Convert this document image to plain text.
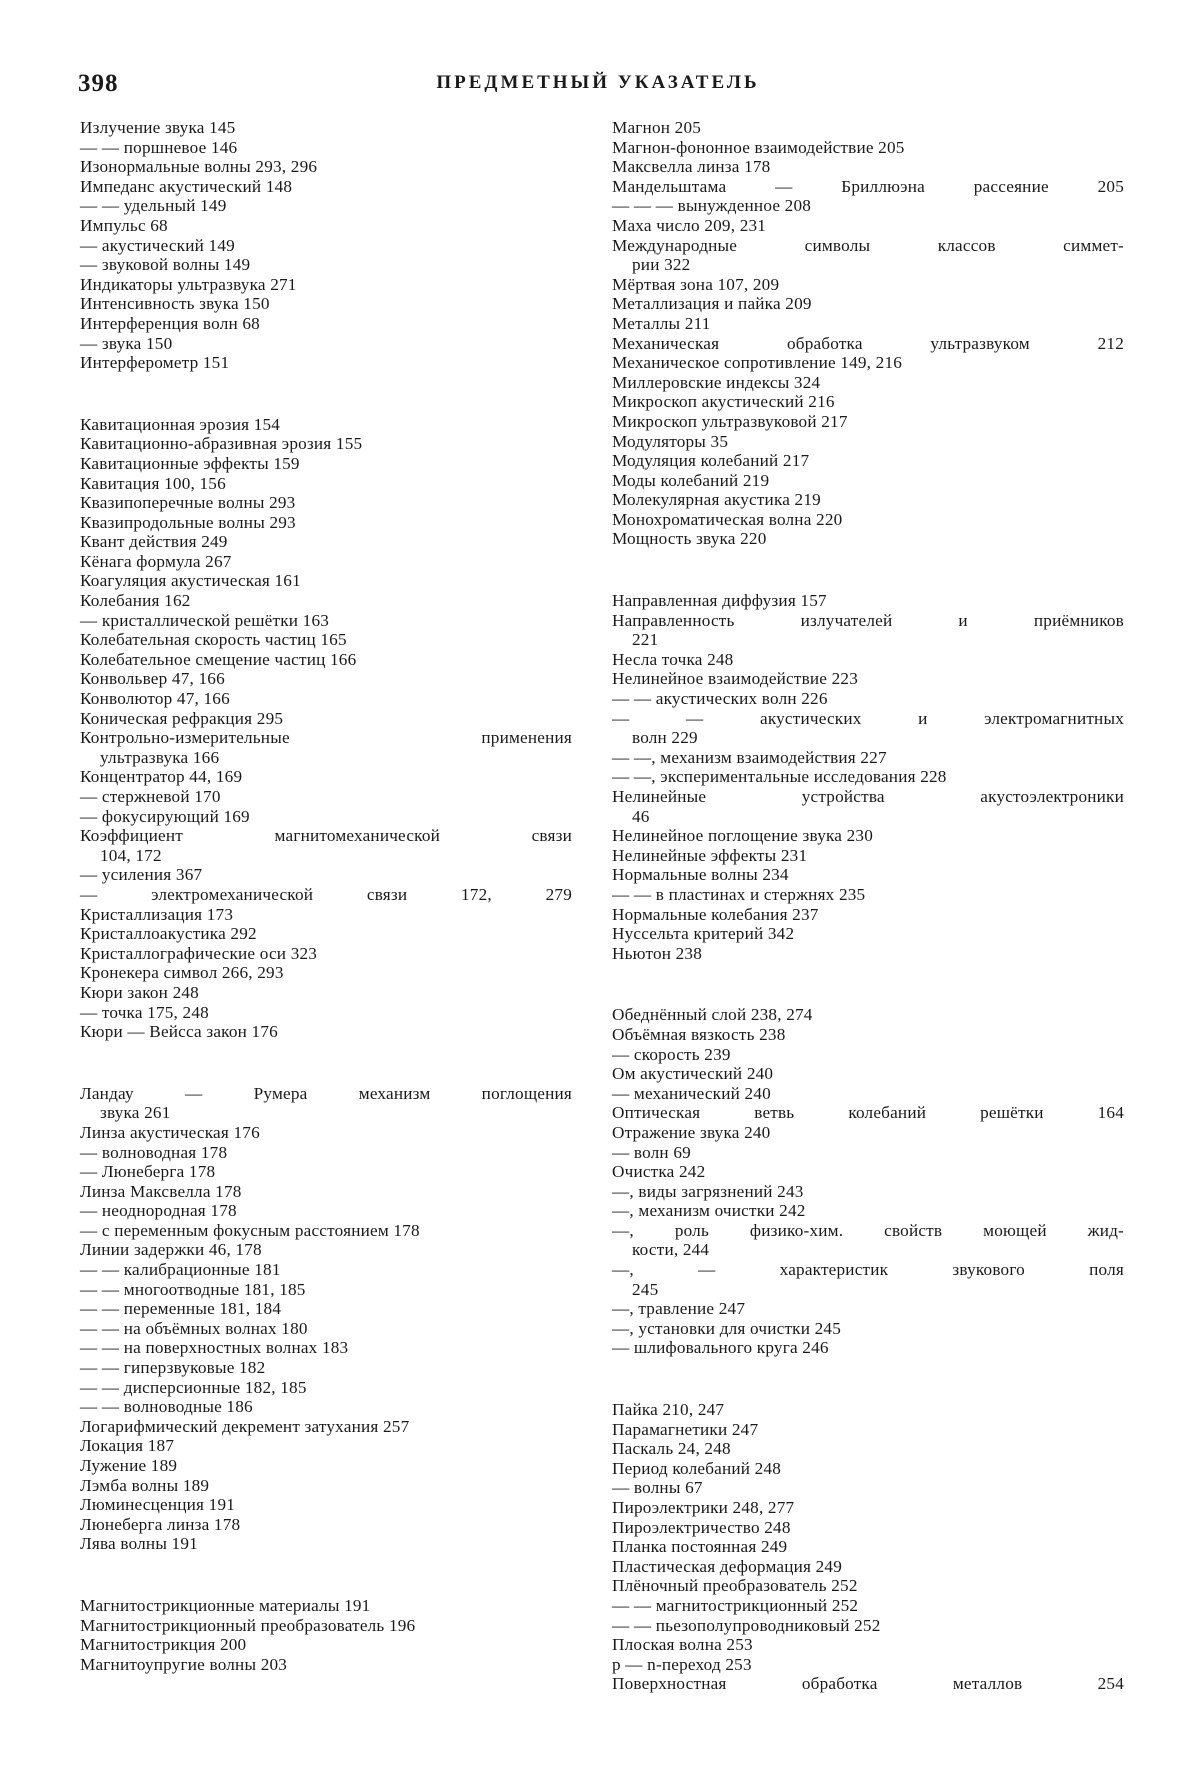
398	ПРЕДМЕТНЫЙ УКАЗАТЕЛЬ
Излучение звука 145
— — поршневое 146
Изонормальные волны 293, 296
Импеданс акустический 148
— — удельный 149
Импульс 68
— акустический 149
— звуковой волны 149
Индикаторы ультразвука 271
Интенсивность звука 150
Интерференция волн 68
— звука 150
Интерферометр 151
Кавитационная эрозия 154
Кавитационно-абразивная эрозия 155
Кавитационные эффекты 159
Кавитация 100, 156
Квазипоперечные волны 293
Квазипродольные волны 293
Квант действия 249
Кёнага формула 267
Коагуляция акустическая 161
Колебания 162
— кристаллической решётки 163
Колебательная скорость частиц 165
Колебательное смещение частиц 166
Конвольвер 47, 166
Конволютор 47, 166
Коническая рефракция 295
Контрольно-измерительные применения
ультразвука 166
Концентратор 44, 169
— стержневой 170
— фокусирующий 169
Коэффициент магнитомеханической связи
104, 172
— усиления 367
— электромеханической связи 172, 279
Кристаллизация 173
Кристаллоакустика 292
Кристаллографические оси 323
Кронекера символ 266, 293
Кюри закон 248
— точка 175, 248
Кюри — Вейсса закон 176
Ландау — Румера механизм поглощения
звука 261
Линза акустическая 176
— волноводная 178
— Люнеберга 178
Линза Максвелла 178
— неоднородная 178
— с переменным фокусным расстоянием 178
Линии задержки 46, 178
— — калибрационные 181
— — многоотводные 181, 185
— — переменные 181, 184
— — на объёмных волнах 180
— — на поверхностных волнах 183
— — гиперзвуковые 182
— — дисперсионные 182, 185
— — волноводные 186
Логарифмический декремент затухания 257
Локация 187
Лужение 189
Лэмба волны 189
Люминесценция 191
Люнеберга линза 178
Лява волны 191
Магнитострикционные материалы 191
Магнитострикционный преобразователь 196
Магнитострикция 200
Магнитоупругие волны 203
Магнон 205
Магнон-фононное взаимодействие 205
Максвелла линза 178
Мандельштама — Бриллюэна рассеяние 205
— — — вынужденное 208
Маха число 209, 231
Международные символы классов симмет-
рии 322
Мёртвая зона 107, 209
Металлизация и пайка 209
Металлы 211
Механическая обработка ультразвуком 212
Механическое сопротивление 149, 216
Миллеровские индексы 324
Микроскоп акустический 216
Микроскоп ультразвуковой 217
Модуляторы 35
Модуляция колебаний 217
Моды колебаний 219
Молекулярная акустика 219
Монохроматическая волна 220
Мощность звука 220
Направленная диффузия 157
Направленность излучателей и приёмников
221
Несла точка 248
Нелинейное взаимодействие 223
— — акустических волн 226
— — акустических и электромагнитных
волн 229
— —, механизм взаимодействия 227
— —, экспериментальные исследования 228
Нелинейные устройства акустоэлектроники
46
Нелинейное поглощение звука 230
Нелинейные эффекты 231
Нормальные волны 234
— — в пластинах и стержнях 235
Нормальные колебания 237
Нуссельта критерий 342
Ньютон 238
Обеднённый слой 238, 274
Объёмная вязкость 238
— скорость 239
Ом акустический 240
— механический 240
Оптическая ветвь колебаний решётки 164
Отражение звука 240
— волн 69
Очистка 242
—, виды загрязнений 243
—, механизм очистки 242
—, роль физико-хим. свойств моющей жид-
кости, 244
—, — характеристик звукового поля
245
—, травление 247
—, установки для очистки 245
— шлифовального круга 246
Пайка 210, 247
Парамагнетики 247
Паскаль 24, 248
Период колебаний 248
— волны 67
Пироэлектрики 248, 277
Пироэлектричество 248
Планка постоянная 249
Пластическая деформация 249
Плёночный преобразователь 252
— — магнитострикционный 252
— — пьезополупроводниковый 252
Плоская волна 253
p — n-переход 253
Поверхностная обработка металлов 254
